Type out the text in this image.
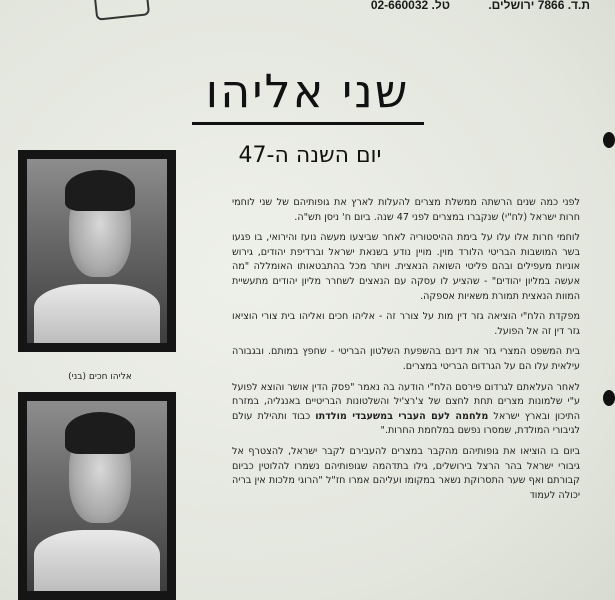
ת.ד. 7866 ירושלים.
טל. 02-660032
שני אליהו
יום השנה ה-47
אליהו חכים (בני)

לפני כמה שנים הרשתה ממשלת מצרים להעלות לארץ את גופותיהם של שני לוחמי חרות ישראל (לח"י) שנקברו במצרים לפני 47 שנה. ביום ח' ניסן תש"ה.

לוחמי חרות אלו עלו על בימת ההיסטוריה לאחר שביצעו מעשה נועז והירואי, בו פגעו בשר המושבות הבריטי הלורד מוין. מויין נודע בשנאת ישראל וברדיפת יהודים, גירוש אוניות מעפילים ובהם פליטי השואה הנאצית. ויותר מכל בהתבטאותו האומללה "מה אעשה במליון יהודים" - שהציע לו עסקה עם הנאצים לשחרר מליון יהודים מתעשיית המוות הנאצית תמורת משאיות אספקה.

מפקדת הלח"י הוציאה גזר דין מות על צורר זה - אליהו חכים ואליהו בית צורי הוציאו גזר דין זה אל הפועל.

בית המשפט המצרי גזר את דינם בהשפעת השלטון הבריטי - שחפץ במותם. ובגבורה עילאית עלו הם על הגרדום הבריטי במצרים.

לאחר העלאתם לגרדום פירסם הלח"י הודעה בה נאמר "פסק הדין אושר והוצא לפועל ע"י שלמונות מצרים תחת לחצם של צ'רצ'יל והשלטונות הבריטיים באנגליה, במזרח התיכון ובארץ ישראל מלחמה לעם העברי במשעבדי מולדתו כבוד ותהילת עולם לגיבורי המולדת, שמסרו נפשם במלחמת החרות."

ביום בו הוציאו את גופותיהם מהקבר במצרים להעבירם לקבר ישראל, להצטרף אל גיבורי ישראל בהר הרצל בירושלים, גילו בתדהמה שגופותיהם נשמרו להלוטין כביום קבורתם ואף שער התסרוקת נשאר במקומו ועליהם אמרו חז"ל "הרוגי מלכות אין בריה יכולה לעמוד
